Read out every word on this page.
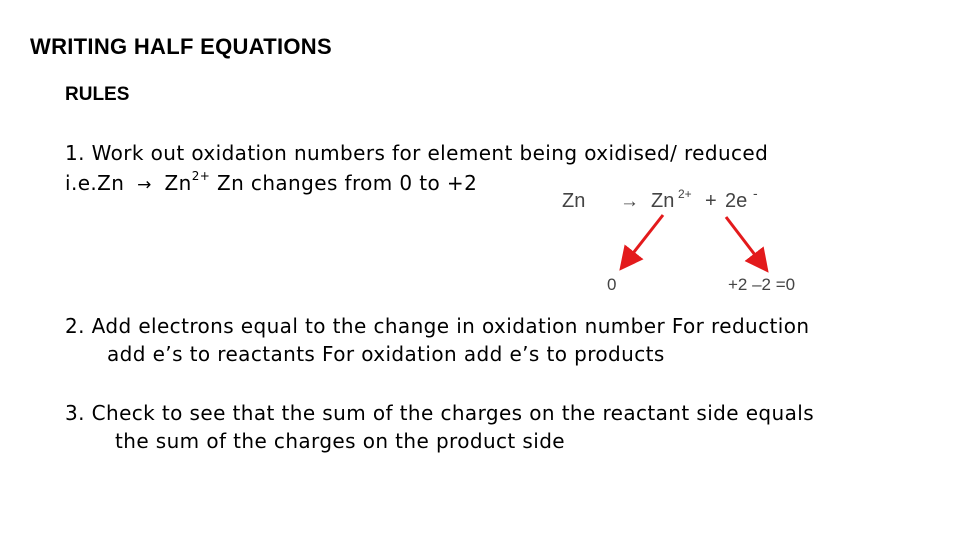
WRITING HALF EQUATIONS
RULES
1. Work out oxidation numbers for element being oxidised/ reduced
$i.e.Zn \to Zn^{2+}$ Zn changes from 0 to +2
Zn → Zn 2+ + 2e -
0	+2 –2 =0
2. Add electrons equal to the change in oxidation number For reduction
add e’s to reactants For oxidation add e’s to products
3. Check to see that the sum of the charges on the reactant side equals
the sum of the charges on the product side
